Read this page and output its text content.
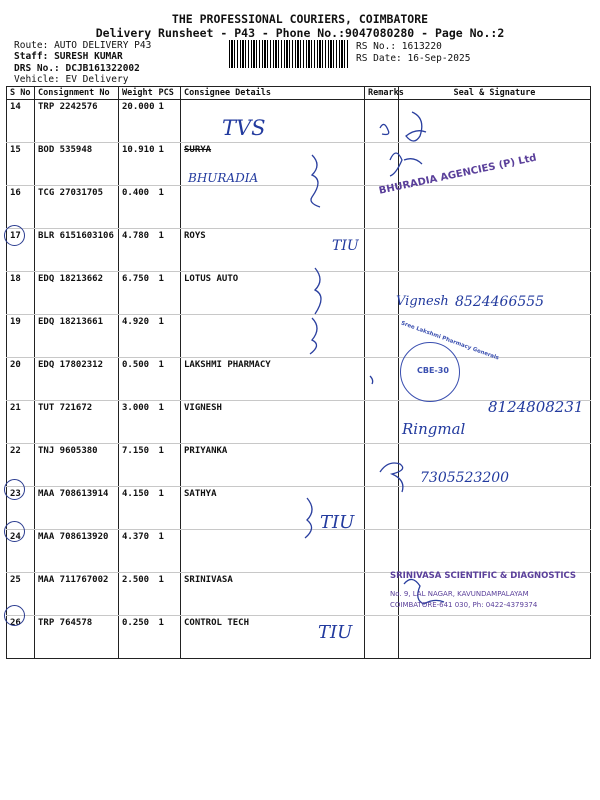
THE PROFESSIONAL COURIERS, COIMBATORE
Delivery Runsheet - P43 - Phone No.:9047080280 - Page No.:2
Route: AUTO DELIVERY P43
Staff: SURESH KUMAR
DRS No.: DCJB161322002
Vehicle: EV Delivery
RS No.: 1613220
RS Date: 16-Sep-2025
S No	Consignment No	Weight	PCS	Consignee Details	Remarks	Seal & Signature
14	TRP 2242576	20.000	1			
15	BOD 535948	10.910	1	SURYA		
16	TCG 27031705	0.400	1			
17	BLR 6151603106	4.780	1	ROYS		
18	EDQ 18213662	6.750	1	LOTUS AUTO		
19	EDQ 18213661	4.920	1			
20	EDQ 17802312	0.500	1	LAKSHMI PHARMACY		
21	TUT 721672	3.000	1	VIGNESH		
22	TNJ 9605380	7.150	1	PRIYANKA		
23	MAA 708613914	4.150	1	SATHYA		
24	MAA 708613920	4.370	1			
25	MAA 711767002	2.500	1	SRINIVASA		
26	TRP 764578	0.250	1	CONTROL TECH		
TVS
BHURADIA
TIU
TIU
TIU
8524466555
8124808231
7305523200
Vignesh
Ringmal
BHURADIA AGENCIES (P) Ltd
Sree Lakshmi Pharmacy Generals
CBE-30
SRINIVASA SCIENTIFIC & DIAGNOSTICS
No. 9, LAL NAGAR, KAVUNDAMPALAYAM
COIMBATORE-641 030, Ph: 0422-4379374
